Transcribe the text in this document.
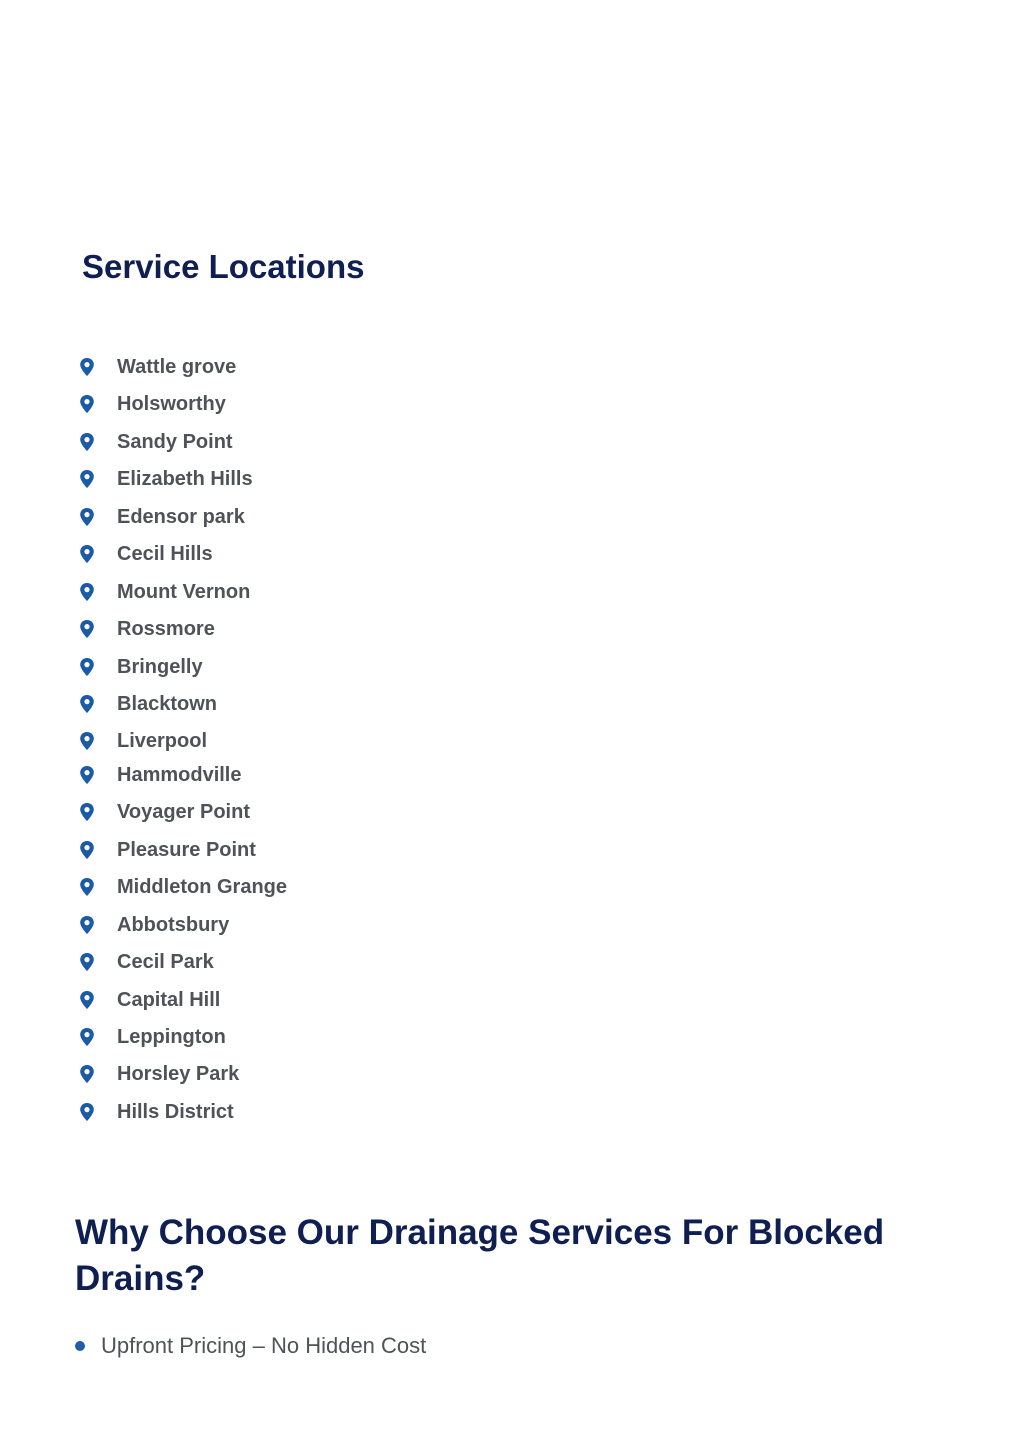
Service Locations
Wattle grove
Holsworthy
Sandy Point
Elizabeth Hills
Edensor park
Cecil Hills
Mount Vernon
Rossmore
Bringelly
Blacktown
Liverpool
Hammodville
Voyager Point
Pleasure Point
Middleton Grange
Abbotsbury
Cecil Park
Capital Hill
Leppington
Horsley Park
Hills District
Why Choose Our Drainage Services For Blocked Drains?
Upfront Pricing – No Hidden Cost
